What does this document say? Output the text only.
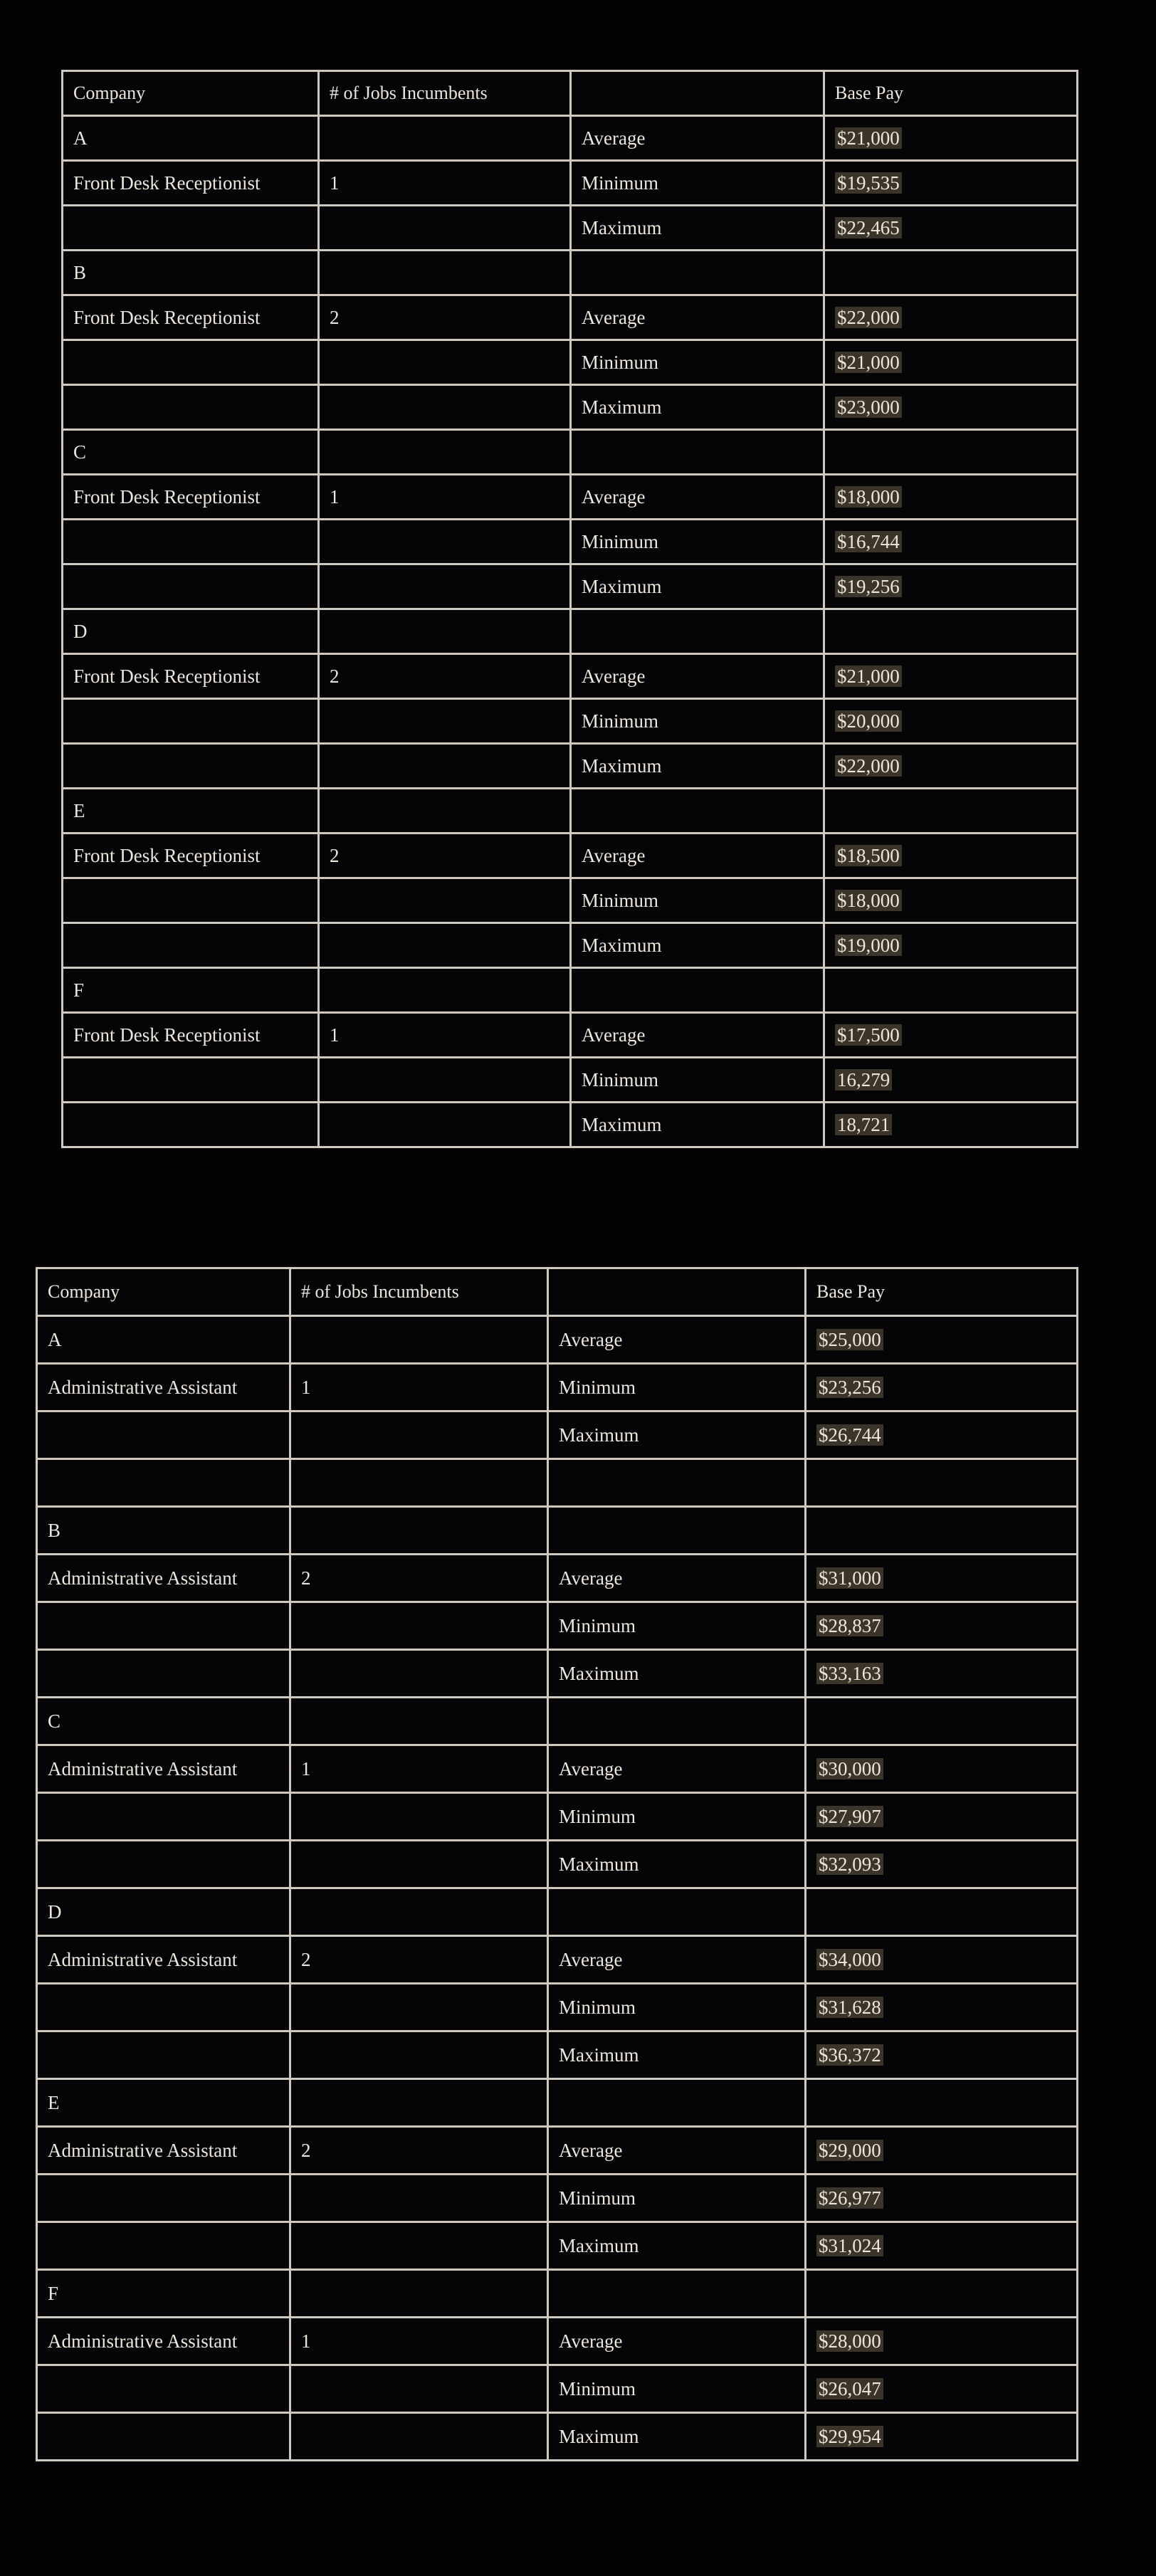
Company	# of Jobs Incumbents		Base Pay
A		Average	$21,000
Front Desk Receptionist	1	Minimum	$19,535
		Maximum	$22,465
B			
Front Desk Receptionist	2	Average	$22,000
		Minimum	$21,000
		Maximum	$23,000
C			
Front Desk Receptionist	1	Average	$18,000
		Minimum	$16,744
		Maximum	$19,256
D			
Front Desk Receptionist	2	Average	$21,000
		Minimum	$20,000
		Maximum	$22,000
E			
Front Desk Receptionist	2	Average	$18,500
		Minimum	$18,000
		Maximum	$19,000
F			
Front Desk Receptionist	1	Average	$17,500
		Minimum	16,279
		Maximum	18,721
Company	# of Jobs Incumbents		Base Pay
A		Average	$25,000
Administrative Assistant	1	Minimum	$23,256
		Maximum	$26,744

B			
Administrative Assistant	2	Average	$31,000
		Minimum	$28,837
		Maximum	$33,163
C			
Administrative Assistant	1	Average	$30,000
		Minimum	$27,907
		Maximum	$32,093
D			
Administrative Assistant	2	Average	$34,000
		Minimum	$31,628
		Maximum	$36,372
E			
Administrative Assistant	2	Average	$29,000
		Minimum	$26,977
		Maximum	$31,024
F			
Administrative Assistant	1	Average	$28,000
		Minimum	$26,047
		Maximum	$29,954
